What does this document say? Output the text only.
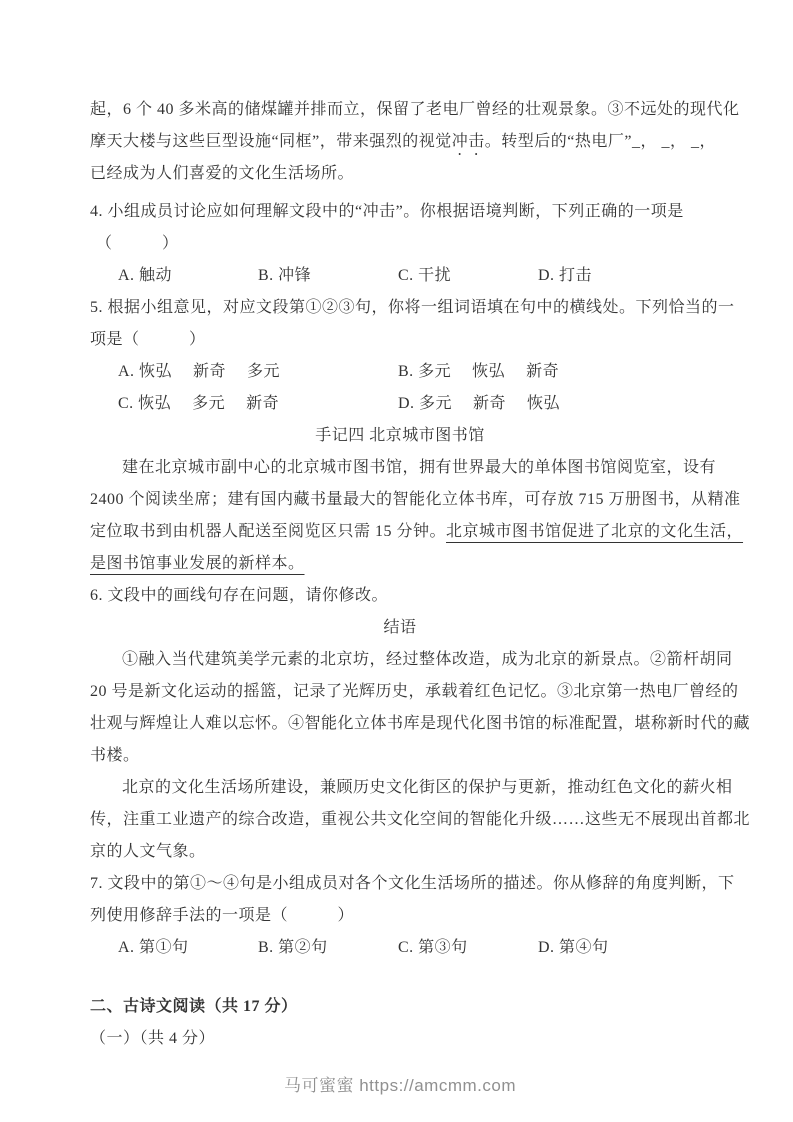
起，6 个 40 多米高的储煤罐并排而立，保留了老电厂曾经的壮观景象。③不远处的现代化
摩天大楼与这些巨型设施“同框”，带来强烈的视觉冲击。转型后的“热电厂”_， _， _，
已经成为人们喜爱的文化生活场所。
4. 小组成员讨论应如何理解文段中的“冲击”。你根据语境判断，下列正确的一项是
（　　　）
A. 触动	B. 冲锋	C. 干扰	D. 打击
5. 根据小组意见，对应文段第①②③句，你将一组词语填在句中的横线处。下列恰当的一
项是（　　　）
A. 恢弘　 新奇　 多元	B. 多元　 恢弘　 新奇
C. 恢弘　 多元　 新奇	D. 多元　 新奇　 恢弘
手记四 北京城市图书馆
建在北京城市副中心的北京城市图书馆，拥有世界最大的单体图书馆阅览室，设有
2400 个阅读坐席；建有国内藏书量最大的智能化立体书库，可存放 715 万册图书，从精准
定位取书到由机器人配送至阅览区只需 15 分钟。北京城市图书馆促进了北京的文化生活，
是图书馆事业发展的新样本。
6. 文段中的画线句存在问题，请你修改。
结语
①融入当代建筑美学元素的北京坊，经过整体改造，成为北京的新景点。②箭杆胡同
20 号是新文化运动的摇篮，记录了光辉历史，承载着红色记忆。③北京第一热电厂曾经的
壮观与辉煌让人难以忘怀。④智能化立体书库是现代化图书馆的标准配置，堪称新时代的藏
书楼。
北京的文化生活场所建设，兼顾历史文化街区的保护与更新，推动红色文化的薪火相
传，注重工业遗产的综合改造，重视公共文化空间的智能化升级……这些无不展现出首都北
京的人文气象。
7. 文段中的第①～④句是小组成员对各个文化生活场所的描述。你从修辞的角度判断，下
列使用修辞手法的一项是（　　　）
A. 第①句	B. 第②句	C. 第③句	D. 第④句
二、古诗文阅读（共 17 分）
（一）（共 4 分）
马可蜜蜜 https://amcmm.com
